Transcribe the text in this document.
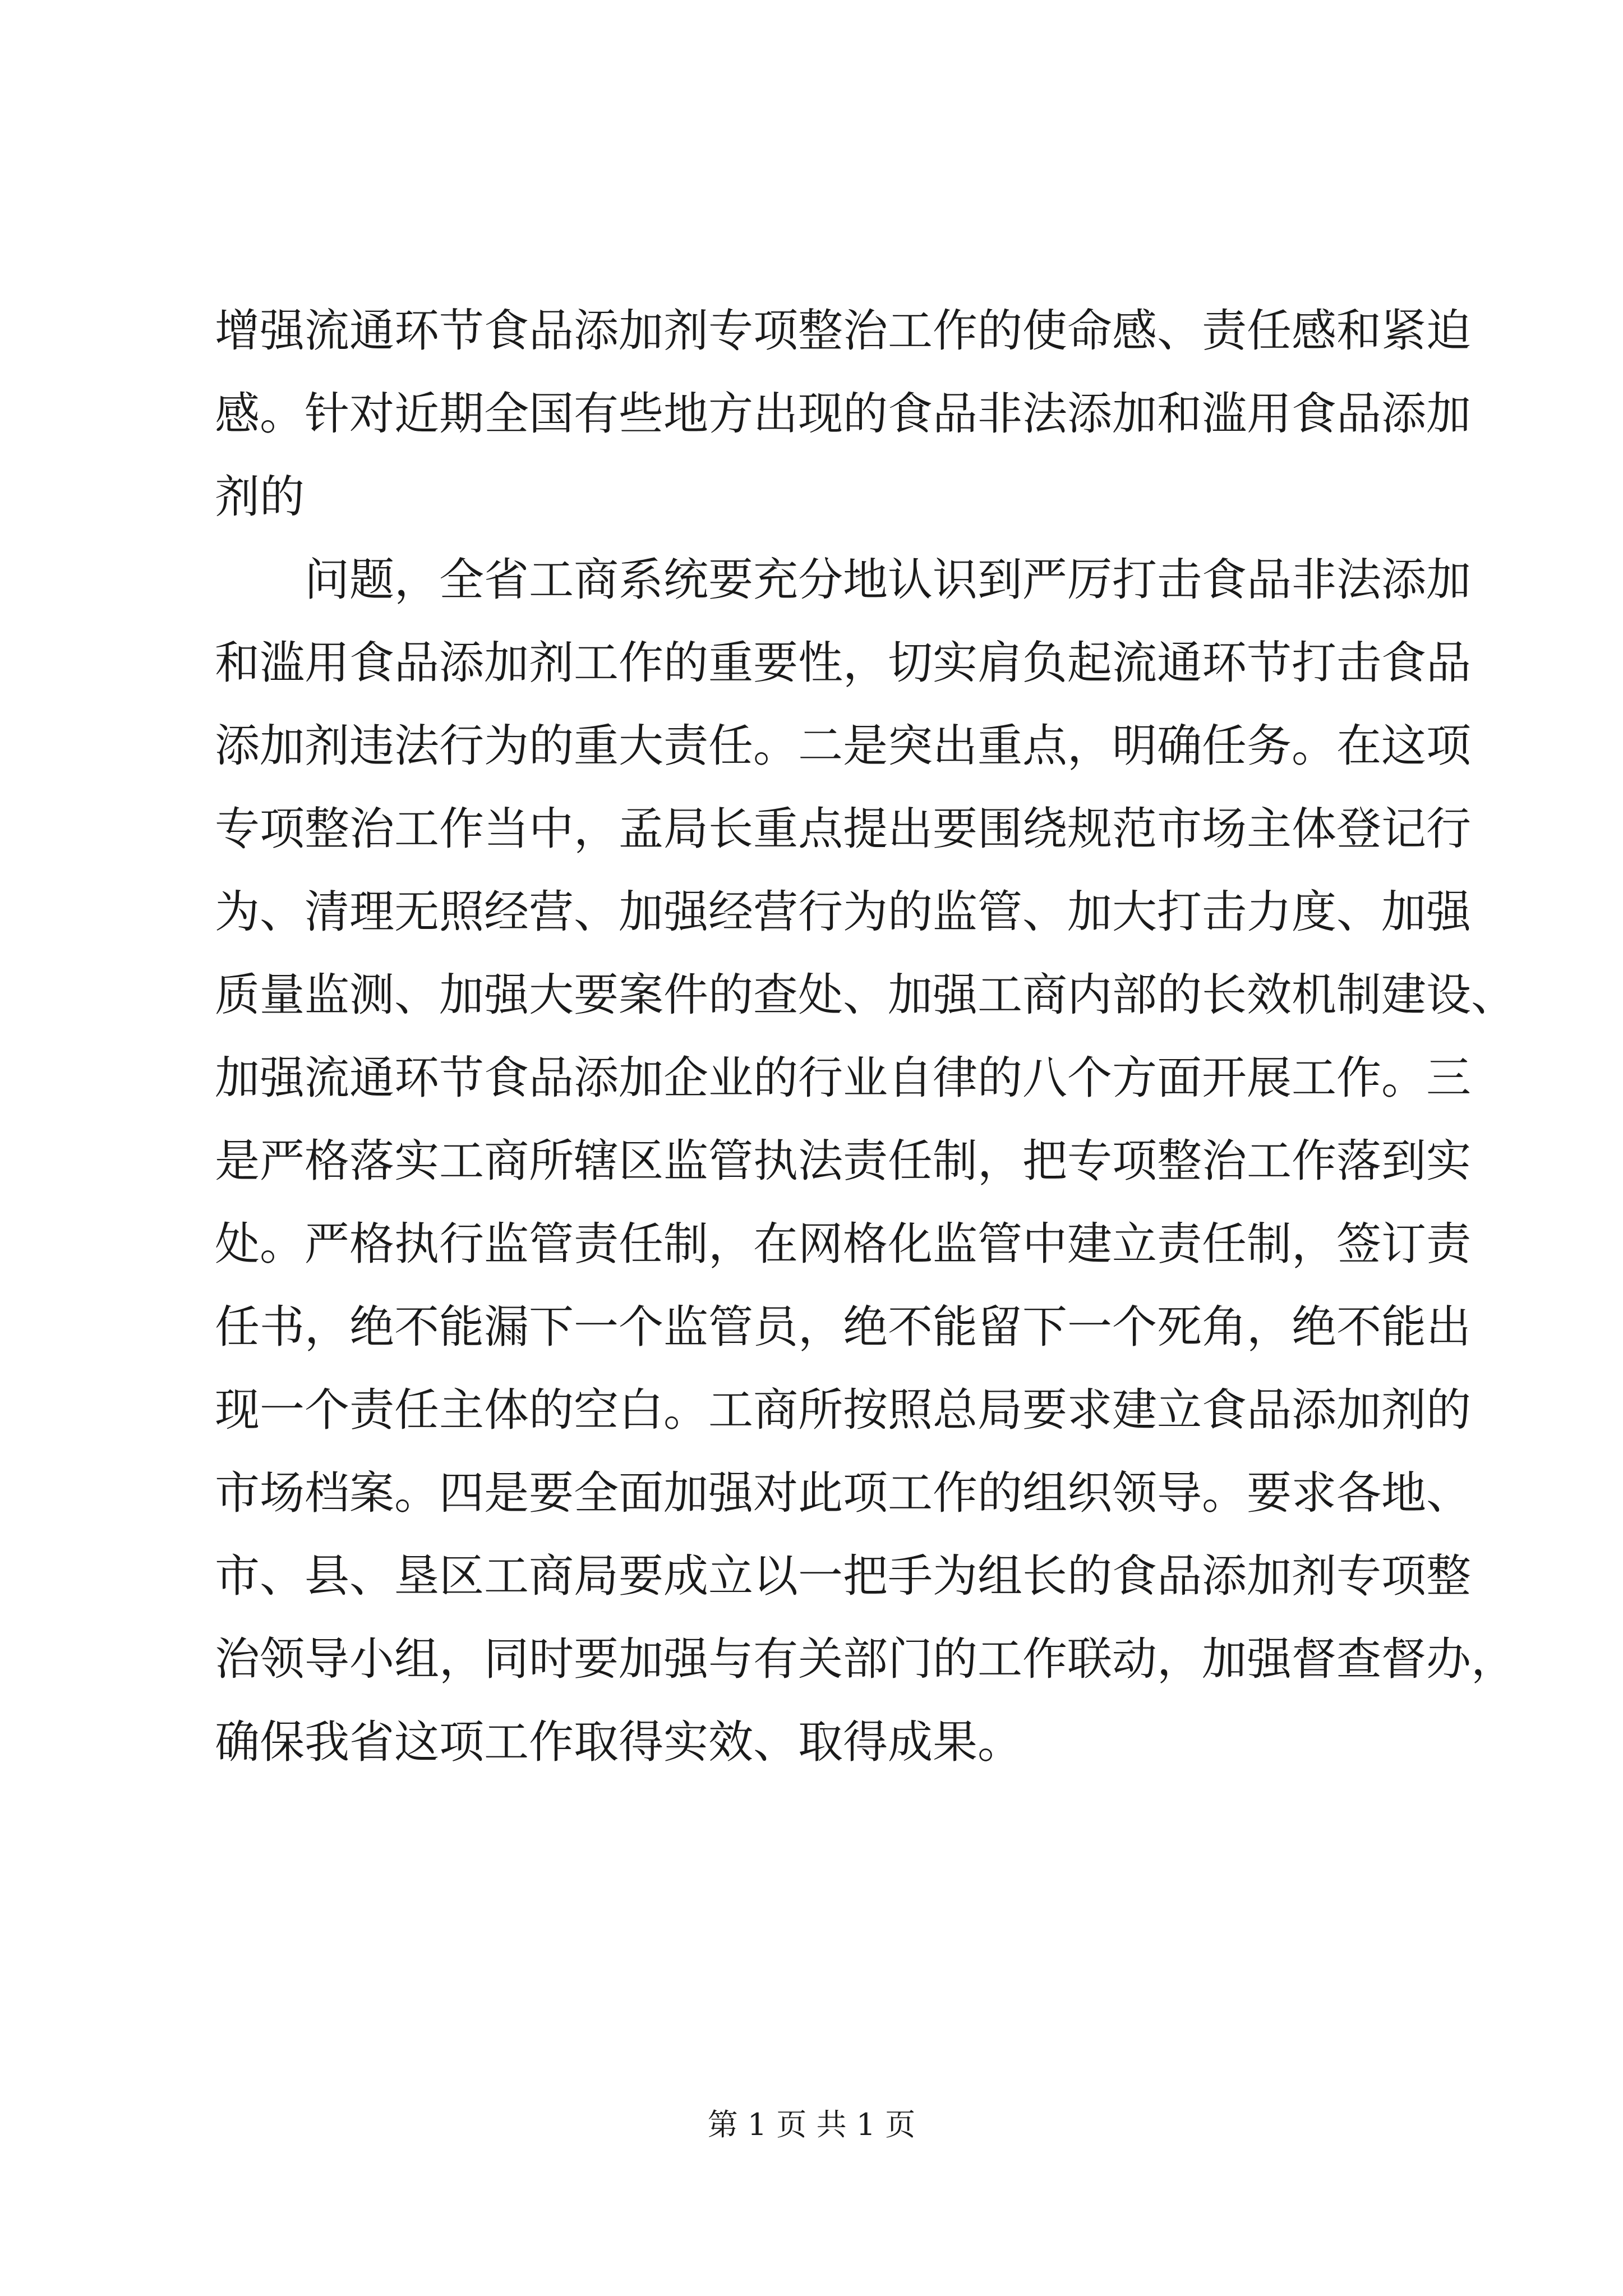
增强流通环节食品添加剂专项整治工作的使命感、责任感和紧迫
感。针对近期全国有些地方出现的食品非法添加和滥用食品添加
剂的
　　问题，全省工商系统要充分地认识到严厉打击食品非法添加
和滥用食品添加剂工作的重要性，切实肩负起流通环节打击食品
添加剂违法行为的重大责任。二是突出重点，明确任务。在这项
专项整治工作当中，孟局长重点提出要围绕规范市场主体登记行
为、清理无照经营、加强经营行为的监管、加大打击力度、加强
质量监测、加强大要案件的查处、加强工商内部的长效机制建设、
加强流通环节食品添加企业的行业自律的八个方面开展工作。三
是严格落实工商所辖区监管执法责任制，把专项整治工作落到实
处。严格执行监管责任制，在网格化监管中建立责任制，签订责
任书，绝不能漏下一个监管员，绝不能留下一个死角，绝不能出
现一个责任主体的空白。工商所按照总局要求建立食品添加剂的
市场档案。四是要全面加强对此项工作的组织领导。要求各地、
市、县、垦区工商局要成立以一把手为组长的食品添加剂专项整
治领导小组，同时要加强与有关部门的工作联动，加强督查督办，
确保我省这项工作取得实效、取得成果。
第 1 页 共 1 页
